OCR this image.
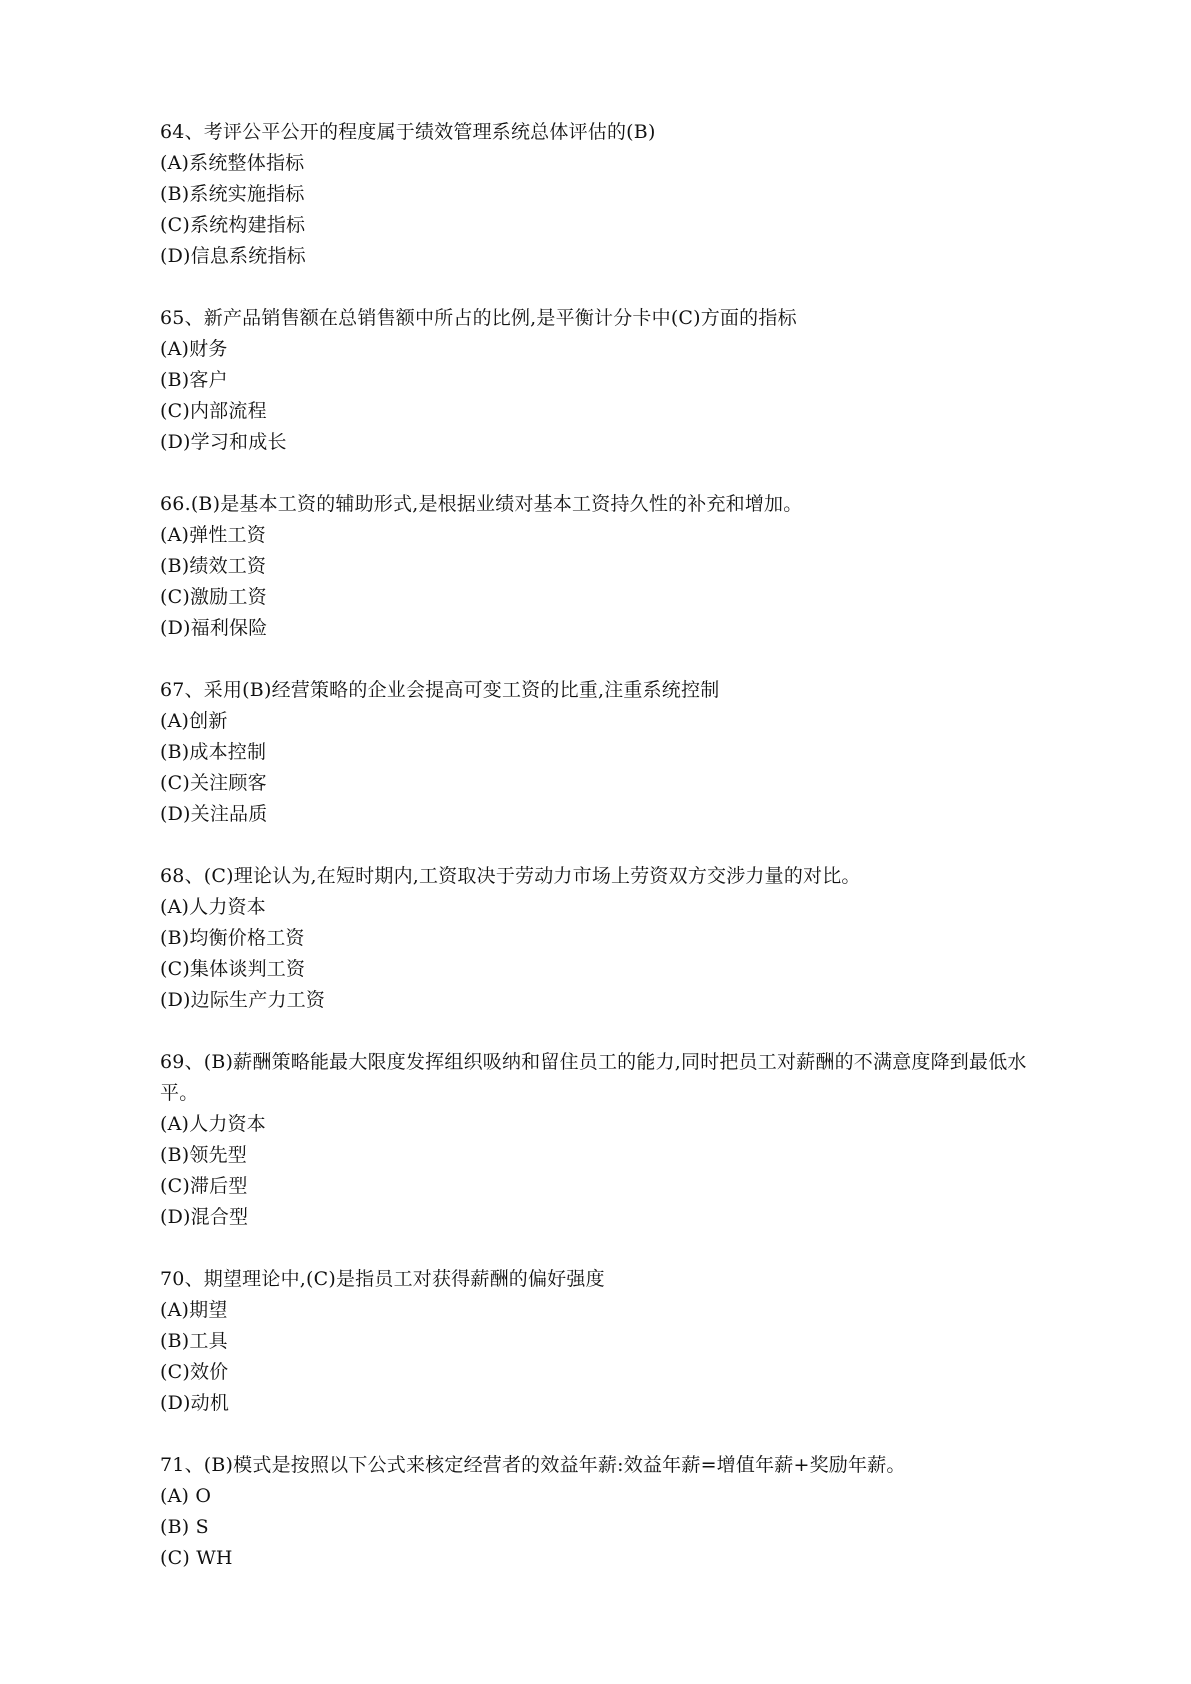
64、考评公平公开的程度属于绩效管理系统总体评估的(B)
(A)系统整体指标
(B)系统实施指标
(C)系统构建指标
(D)信息系统指标
65、新产品销售额在总销售额中所占的比例,是平衡计分卡中(C)方面的指标
(A)财务
(B)客户
(C)内部流程
(D)学习和成长
66.(B)是基本工资的辅助形式,是根据业绩对基本工资持久性的补充和增加。
(A)弹性工资
(B)绩效工资
(C)激励工资
(D)福利保险
67、采用(B)经营策略的企业会提高可变工资的比重,注重系统控制
(A)创新
(B)成本控制
(C)关注顾客
(D)关注品质
68、(C)理论认为,在短时期内,工资取决于劳动力市场上劳资双方交涉力量的对比。
(A)人力资本
(B)均衡价格工资
(C)集体谈判工资
(D)边际生产力工资
69、(B)薪酬策略能最大限度发挥组织吸纳和留住员工的能力,同时把员工对薪酬的不满意度降到最低水平。
(A)人力资本
(B)领先型
(C)滞后型
(D)混合型
70、期望理论中,(C)是指员工对获得薪酬的偏好强度
(A)期望
(B)工具
(C)效价
(D)动机
71、(B)模式是按照以下公式来核定经营者的效益年薪:效益年薪=增值年薪+奖励年薪。
(A) O
(B) S
(C) WH
